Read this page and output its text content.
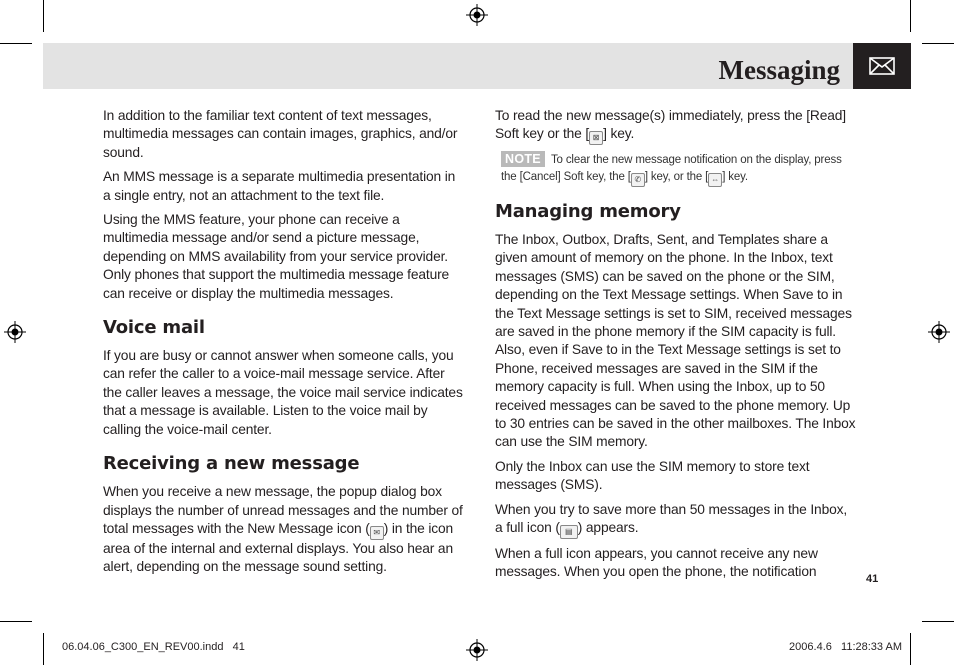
Messaging

In addition to the familiar text content of text messages, multimedia messages can contain images, graphics, and/or sound.

An MMS message is a separate multimedia presentation in a single entry, not an attachment to the text file.

Using the MMS feature, your phone can receive a multimedia message and/or send a picture message, depending on MMS availability from your service provider. Only phones that support the multimedia message feature can receive or display the multimedia messages.

Voice mail

If you are busy or cannot answer when someone calls, you can refer the caller to a voice-mail message service. After the caller leaves a message, the voice mail service indicates that a message is available. Listen to the voice mail by calling the voice-mail center.

Receiving a new message

When you receive a new message, the popup dialog box displays the number of unread messages and the number of total messages with the New Message icon ( ✉ ) in the icon area of the internal and external displays. You also hear an alert, depending on the message sound setting.

To read the new message(s) immediately, press the [Read] Soft key or the [ ⊠ ] key.

NOTE To clear the new message notification on the display, press the [Cancel] Soft key, the [ ✆ ] key, or the [ ⇔ ] key.
Managing memory

The Inbox, Outbox, Drafts, Sent, and Templates share a given amount of memory on the phone. In the Inbox, text messages (SMS) can be saved on the phone or the SIM, depending on the Text Message settings. When Save to in the Text Message settings is set to SIM, received messages are saved in the phone memory if the SIM capacity is full. Also, even if Save to in the Text Message settings is set to Phone, received messages are saved in the SIM if the memory capacity is full. When using the Inbox, up to 50 received messages can be saved to the phone memory. Up to 30 entries can be saved in the other mailboxes. The Inbox can use the SIM memory.

Only the Inbox can use the SIM memory to store text messages (SMS).

When you try to save more than 50 messages in the Inbox, a full icon ( ▤ ) appears.

When a full icon appears, you cannot receive any new messages. When you open the phone, the notification	41
06.04.06_C300_EN_REV00.indd   41	2006.4.6   11:28:33 AM
